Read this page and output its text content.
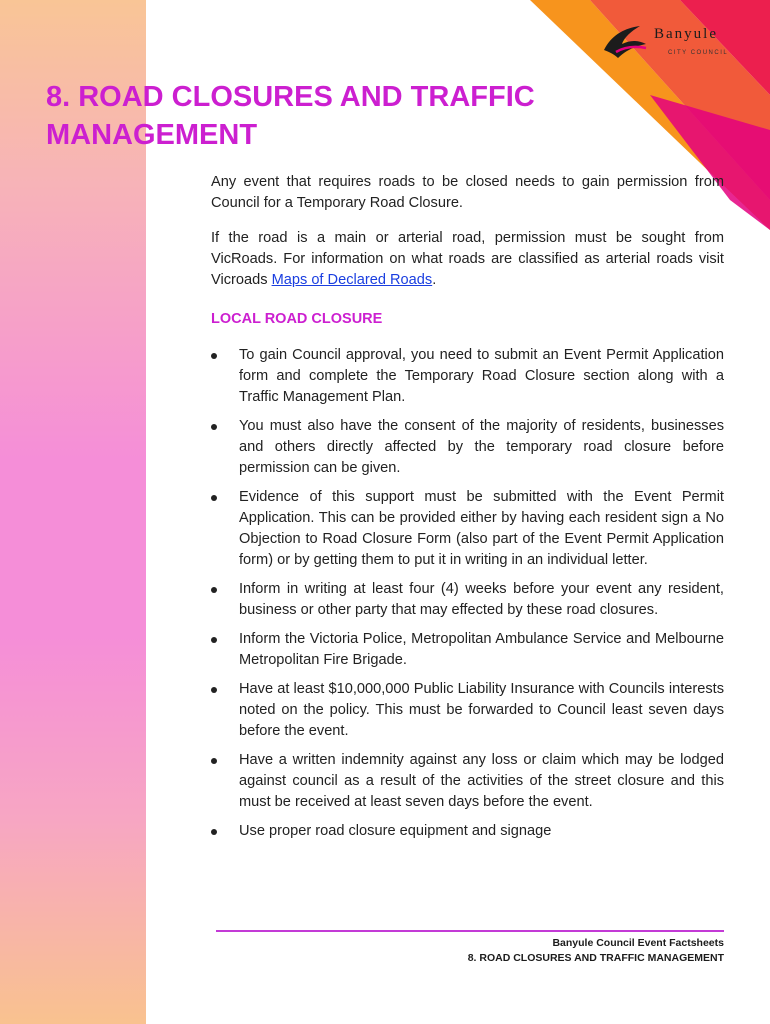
Banyule
CITY COUNCIL
8. ROAD CLOSURES AND TRAFFIC MANAGEMENT

Any event that requires roads to be closed needs to gain permission from Council for a Temporary Road Closure.

If the road is a main or arterial road, permission must be sought from VicRoads. For information on what roads are classified as arterial roads visit Vicroads Maps of Declared Roads.

LOCAL ROAD CLOSURE
To gain Council approval, you need to submit an Event Permit Application form and complete the Temporary Road Closure section along with a Traffic Management Plan.
You must also have the consent of the majority of residents, businesses and others directly affected by the temporary road closure before permission can be given.
Evidence of this support must be submitted with the Event Permit Application. This can be provided either by having each resident sign a No Objection to Road Closure Form (also part of the Event Permit Application form) or by getting them to put it in writing in an individual letter.
Inform in writing at least four (4) weeks before your event any resident, business or other party that may effected by these road closures.
Inform the Victoria Police, Metropolitan Ambulance Service and Melbourne Metropolitan Fire Brigade.
Have at least $10,000,000 Public Liability Insurance with Councils interests noted on the policy. This must be forwarded to Council least seven days before the event.
Have a written indemnity against any loss or claim which may be lodged against council as a result of the activities of the street closure and this must be received at least seven days before the event.
Use proper road closure equipment and signage
Banyule Council Event Factsheets
8. ROAD CLOSURES AND TRAFFIC MANAGEMENT
